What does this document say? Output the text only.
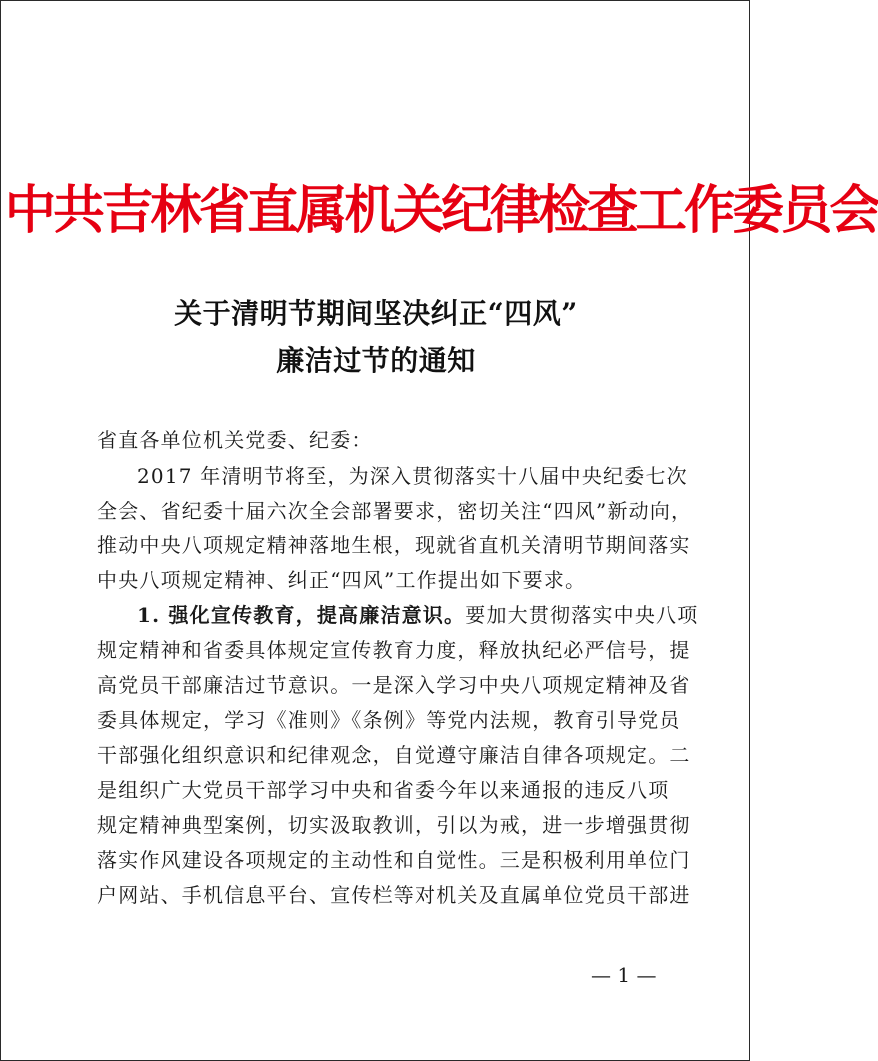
中共吉林省直属机关纪律检查工作委员会
关于清明节期间坚决纠正“四风”
廉洁过节的通知
省直各单位机关党委、纪委：
2017 年清明节将至，为深入贯彻落实十八届中央纪委七次
全会、省纪委十届六次全会部署要求，密切关注“四风”新动向，
推动中央八项规定精神落地生根，现就省直机关清明节期间落实
中央八项规定精神、纠正“四风”工作提出如下要求。
1. 强化宣传教育，提高廉洁意识。要加大贯彻落实中央八项
规定精神和省委具体规定宣传教育力度，释放执纪必严信号，提
高党员干部廉洁过节意识。一是深入学习中央八项规定精神及省
委具体规定，学习《准则》《条例》等党内法规，教育引导党员
干部强化组织意识和纪律观念，自觉遵守廉洁自律各项规定。二
是组织广大党员干部学习中央和省委今年以来通报的违反八项
规定精神典型案例，切实汲取教训，引以为戒，进一步增强贯彻
落实作风建设各项规定的主动性和自觉性。三是积极利用单位门
户网站、手机信息平台、宣传栏等对机关及直属单位党员干部进
— 1 —
